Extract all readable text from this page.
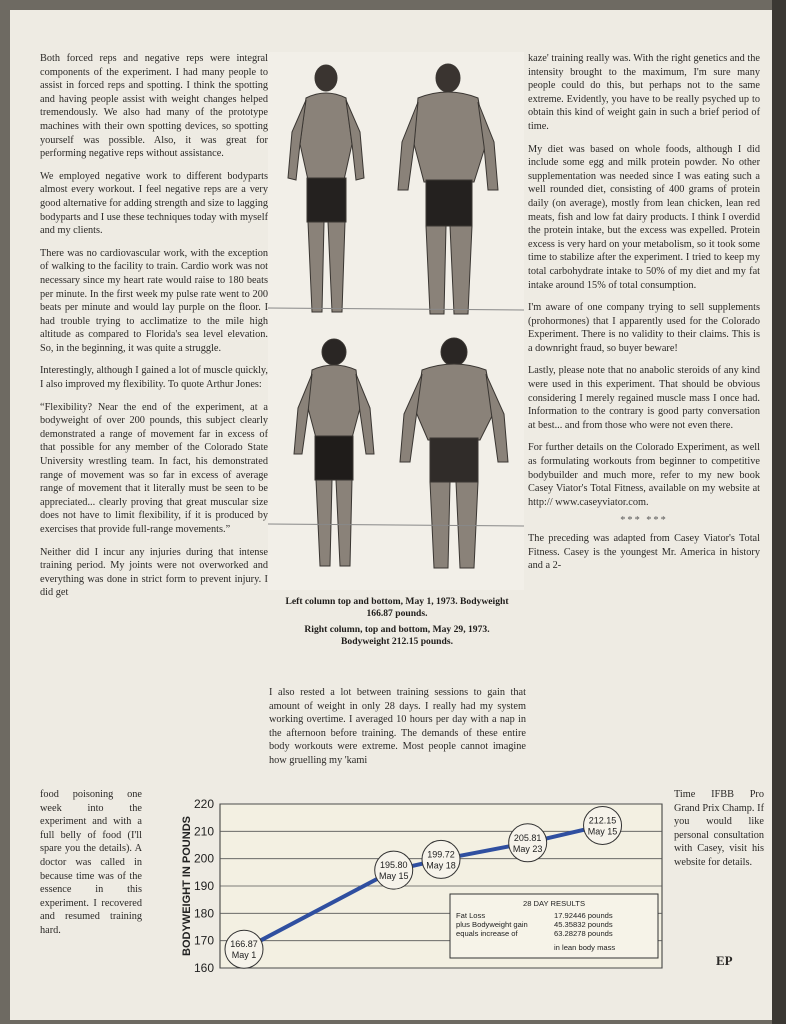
Both forced reps and negative reps were integral components of the experiment. I had many people to assist in forced reps and spotting. I think the spotting and having people assist with weight changes helped tremendously. We also had many of the prototype machines with their own spotting devices, so spotting yourself was possible. Also, it was great for performing negative reps without assistance.

We employed negative work to different bodyparts almost every workout. I feel negative reps are a very good alternative for adding strength and size to lagging bodyparts and I use these techniques today with myself and my clients.

There was no cardiovascular work, with the exception of walking to the facility to train. Cardio work was not necessary since my heart rate would raise to 180 beats per minute. In the first week my pulse rate went to 200 beats per minute and would lay purple on the floor. I had trouble trying to acclimatize to the mile high altitude as compared to Florida's sea level elevation. So, in the beginning, it was quite a struggle.

Interestingly, although I gained a lot of muscle quickly, I also improved my flexibility. To quote Arthur Jones:

“Flexibility? Near the end of the experiment, at a bodyweight of over 200 pounds, this subject clearly demonstrated a range of movement far in excess of that possible for any member of the Colorado State University wrestling team. In fact, his demonstrated range of movement was so far in excess of average range of movement that it literally must be seen to be appreciated... clearly proving that great muscular size does not have to limit flexibility, if it is produced by exercises that provide full-range movements.”

Neither did I incur any injuries during that intense training period. My joints were not overworked and everything was done in strict form to prevent injury. I did get

food poisoning one week into the experiment and with a full belly of food (I'll spare you the details). A doctor was called in because time was of the essence in this experiment. I recovered and resumed training hard.

Left column top and bottom, May 1, 1973. Bodyweight 166.87 pounds.
Right column, top and bottom, May 29, 1973. Bodyweight 212.15 pounds.

I also rested a lot between training sessions to gain that amount of weight in only 28 days. I really had my system working overtime. I averaged 10 hours per day with a nap in the afternoon before training. The demands of these entire body workouts were extreme. Most people cannot imagine how gruelling my 'kami

kaze' training really was. With the right genetics and the intensity brought to the maximum, I'm sure many people could do this, but perhaps not to the same extreme. Evidently, you have to be really psyched up to obtain this kind of weight gain in such a brief period of time.

My diet was based on whole foods, although I did include some egg and milk protein powder. No other supplementation was needed since I was eating such a well rounded diet, consisting of 400 grams of protein daily (on average), mostly from lean chicken, lean red meats, fish and low fat dairy products. I think I overdid the protein intake, but the excess was expelled. Protein excess is very hard on your metabolism, so it took some time to stabilize after the experiment. I tried to keep my total carbohydrate intake to 50% of my diet and my fat intake around 15% of total consumption.

I'm aware of one company trying to sell supplements (prohormones) that I apparently used for the Colorado Experiment. There is no validity to their claims. This is a downright fraud, so buyer beware!

Lastly, please note that no anabolic steroids of any kind were used in this experiment. That should be obvious considering I merely regained muscle mass I once had. Information to the contrary is good party conversation at best... and from those who were not even there.

For further details on the Colorado Experiment, as well as formulating workouts from beginner to competitive bodybuilder and much more, refer to my new book Casey Viator's Total Fitness, available on my website at http:// www.caseyviator.com.

*** ***

The preceding was adapted from Casey Viator's Total Fitness. Casey is the youngest Mr. America in history and a 2-

Time IFBB Pro Grand Prix Champ. If you would like personal consultation with Casey, visit his website for details.

EP
160
170
180
190
200
210
220
BODYWEIGHT IN POUNDS	166.87
May 1
195.80
May 15
199.72
May 18
205.81
May 23
212.15
May 15
28 DAY RESULTS
Fat Loss	17.92446 pounds
plus Bodyweight gain	45.35832 pounds
equals increase of	63.28278 pounds
in lean body mass
